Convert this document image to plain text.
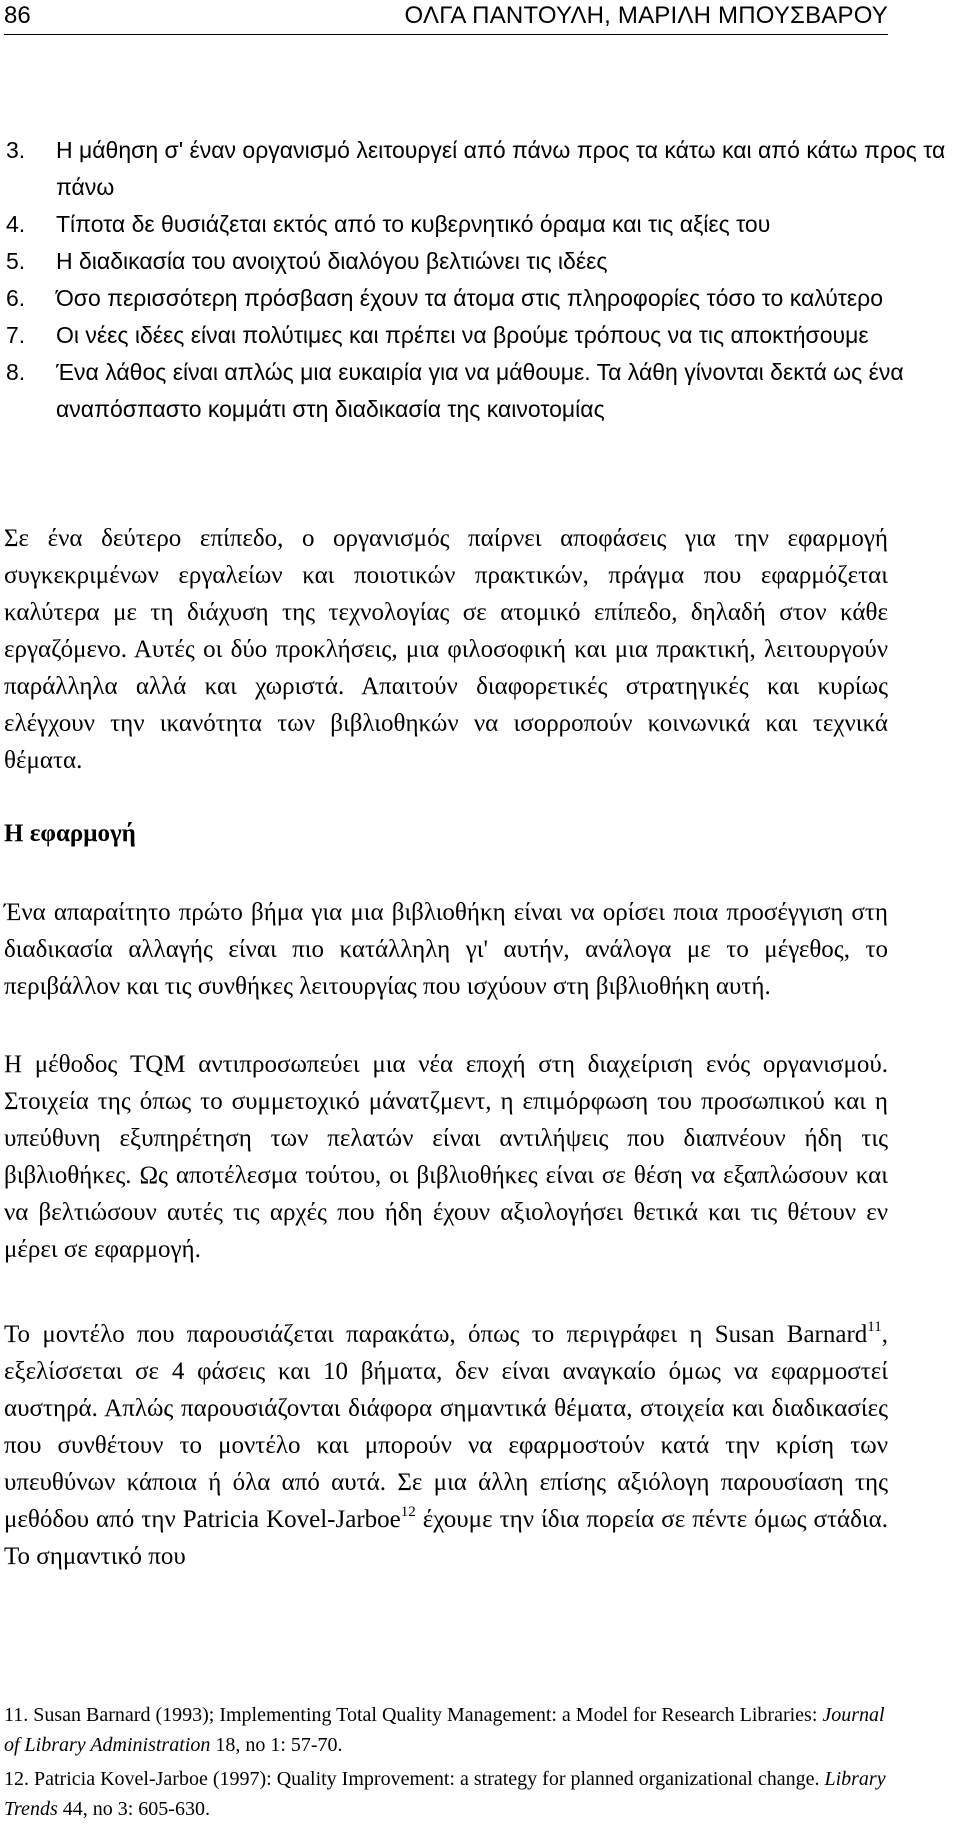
86	ΟΛΓΑ ΠΑΝΤΟΥΛΗ, ΜΑΡΙΛΗ ΜΠΟΥΣΒΑΡΟΥ
3. Η μάθηση σ' έναν οργανισμό λειτουργεί από πάνω προς τα κάτω και από κάτω προς τα πάνω
4. Τίποτα δε θυσιάζεται εκτός από το κυβερνητικό όραμα και τις αξίες του
5. Η διαδικασία του ανοιχτού διαλόγου βελτιώνει τις ιδέες
6. Όσο περισσότερη πρόσβαση έχουν τα άτομα στις πληροφορίες τόσο το καλύτερο
7. Οι νέες ιδέες είναι πολύτιμες και πρέπει να βρούμε τρόπους να τις αποκτήσουμε
8. Ένα λάθος είναι απλώς μια ευκαιρία για να μάθουμε. Τα λάθη γίνονται δεκτά ως ένα αναπόσπαστο κομμάτι στη διαδικασία της καινοτομίας

Σε ένα δεύτερο επίπεδο, ο οργανισμός παίρνει αποφάσεις για την εφαρμογή συγκεκριμένων εργαλείων και ποιοτικών πρακτικών, πράγμα που εφαρμόζεται καλύτερα με τη διάχυση της τεχνολογίας σε ατομικό επίπεδο, δηλαδή στον κάθε εργαζόμενο. Αυτές οι δύο προκλήσεις, μια φιλοσοφική και μια πρακτική, λειτουργούν παράλληλα αλλά και χωριστά. Απαιτούν διαφορετικές στρατηγικές και κυρίως ελέγχουν την ικανότητα των βιβλιοθηκών να ισορροπούν κοινωνικά και τεχνικά θέματα.

Η εφαρμογή

Ένα απαραίτητο πρώτο βήμα για μια βιβλιοθήκη είναι να ορίσει ποια προσέγγιση στη διαδικασία αλλαγής είναι πιο κατάλληλη γι' αυτήν, ανάλογα με το μέγεθος, το περιβάλλον και τις συνθήκες λειτουργίας που ισχύουν στη βιβλιοθήκη αυτή.

Η μέθοδος TQM αντιπροσωπεύει μια νέα εποχή στη διαχείριση ενός οργανισμού. Στοιχεία της όπως το συμμετοχικό μάνατζμεντ, η επιμόρφωση του προσωπικού και η υπεύθυνη εξυπηρέτηση των πελατών είναι αντιλήψεις που διαπνέουν ήδη τις βιβλιοθήκες. Ως αποτέλεσμα τούτου, οι βιβλιοθήκες είναι σε θέση να εξαπλώσουν και να βελτιώσουν αυτές τις αρχές που ήδη έχουν αξιολογήσει θετικά και τις θέτουν εν μέρει σε εφαρμογή.

Το μοντέλο που παρουσιάζεται παρακάτω, όπως το περιγράφει η Susan Barnard$^{11}$, εξελίσσεται σε 4 φάσεις και 10 βήματα, δεν είναι αναγκαίο όμως να εφαρμοστεί αυστηρά. Απλώς παρουσιάζονται διάφορα σημαντικά θέματα, στοιχεία και διαδικασίες που συνθέτουν το μοντέλο και μπορούν να εφαρμοστούν κατά την κρίση των υπευθύνων κάποια ή όλα από αυτά. Σε μια άλλη επίσης αξιόλογη παρουσίαση της μεθόδου από την Patricia Kovel-Jarboe$^{12}$ έχουμε την ίδια πορεία σε πέντε όμως στάδια. Το σημαντικό που

11. Susan Barnard (1993); Implementing Total Quality Management: a Model for Research Libraries: Journal of Library Administration 18, no 1: 57-70.

12. Patricia Kovel-Jarboe (1997): Quality Improvement: a strategy for planned organizational change. Library Trends 44, no 3: 605-630.
